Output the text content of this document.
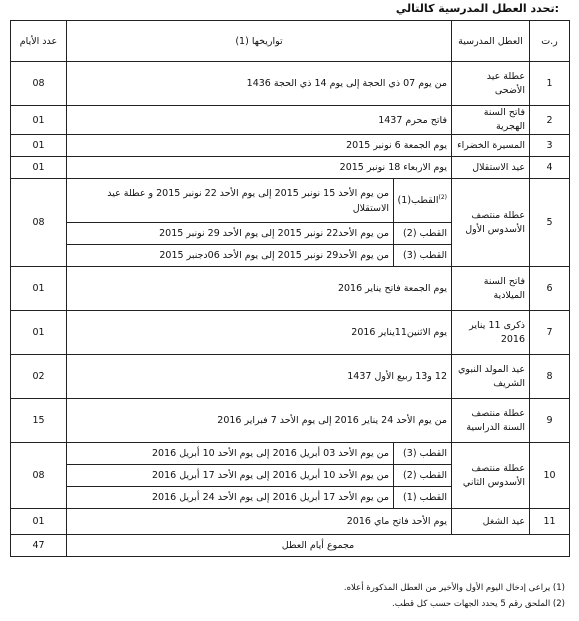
تحدد العطل المدرسية كالتالي:
ر.ت	العطل المدرسية	تواريخها (1)		عدد الأيام
1	عطلة عيد الأضحى	من يوم 07 ذي الحجة إلى يوم 14 ذي الحجة 1436		08
2	فاتح السنة الهجرية	فاتح محرم 1437		01
3	المسيرة الخضراء	يوم الجمعة 6 نونبر 2015		01
4	عيد الاستقلال	يوم الاربعاء 18 نونبر 2015		01
5	عطلة منتصف الأسدوس الأول	$^{(2)}$القطب(1)	من يوم الأحد 15 نونبر 2015 إلى يوم الأحد 22 نونبر 2015 و عطلة عيد الاستقلال	08
		القطب (2)	من يوم الأحد22 نونبر 2015 إلى يوم الأحد 29 نونبر 2015	
		القطب (3)	من يوم الأحد29 نونبر 2015 إلى يوم الأحد 06دجنبر 2015	
6	فاتح السنة الميلادية	يوم الجمعة فاتح يناير 2016		01
7	ذكرى 11 يناير 2016	يوم الاثنين11يناير 2016		01
8	عيد المولد النبوي الشريف	12 و13 ربيع الأول 1437		02
9	عطلة منتصف السنة الدراسية	من يوم الأحد 24 يناير 2016 إلى يوم الأحد 7 فبراير 2016		15
10	عطلة منتصف الأسدوس الثاني	القطب (3)	من يوم الأحد 03 أبريل 2016 إلى يوم الأحد 10 أبريل 2016	08
		القطب (2)	من يوم الأحد 10 أبريل 2016 إلى يوم الأحد 17 أبريل 2016	
		القطب (1)	من يوم الأحد 17 أبريل 2016 إلى يوم الأحد 24 أبريل 2016	
11	عيد الشغل	يوم الأحد فاتح ماي 2016		01
مجموع أيام العطل				47
(1) يراعى إدخال اليوم الأول والأخير من العطل المذكورة أعلاه.
(2) الملحق رقم 5 يحدد الجهات حسب كل قطب.
